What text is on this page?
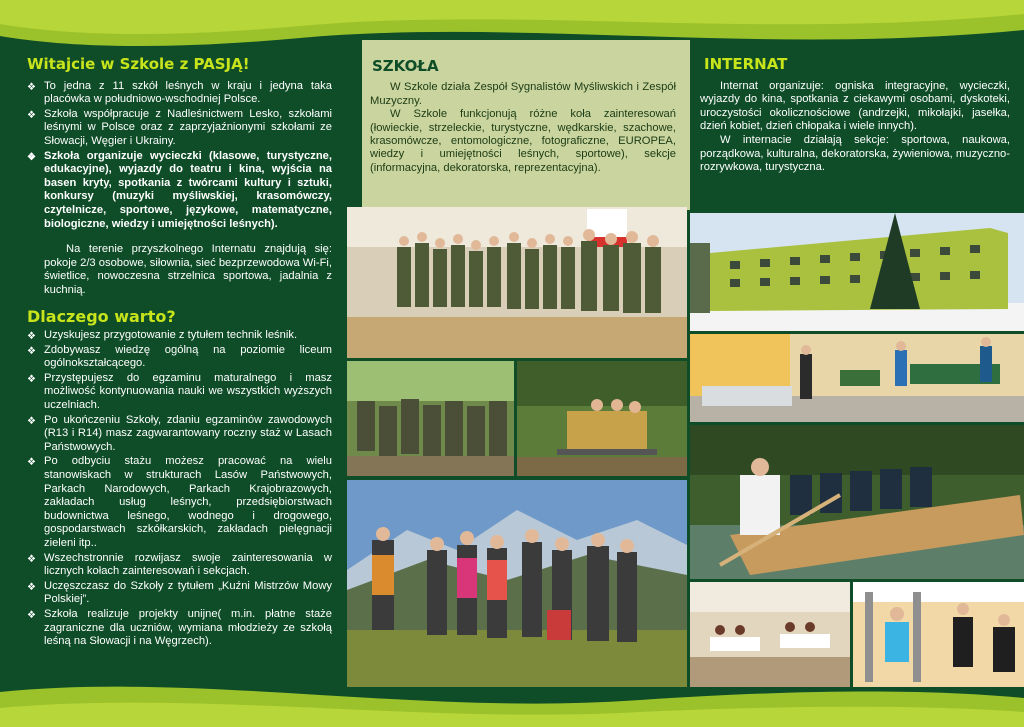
Witajcie w Szkole z PASJĄ!
❖ To jedna z 11 szkół leśnych w kraju i jedyna taka placówka w południowo-wschodniej Polsce.
❖ Szkoła współpracuje z Nadleśnictwem Lesko, szkołami leśnymi w Polsce oraz z zaprzyjaźnionymi szkołami ze Słowacji, Węgier i Ukrainy.
❖ Szkoła organizuje wycieczki (klasowe, turystyczne, edukacyjne), wyjazdy do teatru i kina, wyjścia na basen kryty, spotkania z twórcami kultury i sztuki, konkursy (muzyki myśliwskiej, krasomówczy, czytelnicze, sportowe, językowe, matematyczne, biologiczne, wiedzy i umiejętności leśnych).

Na terenie przyszkolnego Internatu znajdują się: pokoje 2/3 osobowe, siłownia, sieć bezprzewodowa Wi-Fi, świetlice, nowoczesna strzelnica sportowa, jadalnia z kuchnią.

Dlaczego warto?
❖ Uzyskujesz przygotowanie z tytułem technik leśnik.
❖ Zdobywasz wiedzę ogólną na poziomie liceum ogólnokształcącego.
❖ Przystępujesz do egzaminu maturalnego i masz możliwość kontynuowania nauki we wszystkich wyższych uczelniach.
❖ Po ukończeniu Szkoły, zdaniu egzaminów zawodowych (R13 i R14) masz zagwarantowany roczny staż w Lasach Państwowych.
❖ Po odbyciu stażu możesz pracować na wielu stanowiskach w strukturach Lasów Państwowych, Parkach Narodowych, Parkach Krajobrazowych, zakładach usług leśnych, przedsiębiorstwach budownictwa leśnego, wodnego i drogowego, gospodarstwach szkółkarskich, zakładach pielęgnacji zieleni itp..
❖ Wszechstronnie rozwijasz swoje zainteresowania w licznych kołach zainteresowań i sekcjach.
❖ Uczęszczasz do Szkoły z tytułem „Kuźni Mistrzów Mowy Polskiej”.
❖ Szkoła realizuje projekty unijne( m.in. płatne staże zagraniczne dla uczniów, wymiana młodzieży ze szkołą leśną na Słowacji i na Węgrzech).
SZKOŁA

W Szkole działa Zespół Sygnalistów Myśliwskich i Zespół Muzyczny.

W Szkole funkcjonują różne koła zainteresowań (łowieckie, strzeleckie, turystyczne, wędkarskie, szachowe, krasomówcze, entomologiczne, fotograficzne, EUROPEA, wiedzy i umiejętności leśnych, sportowe), sekcje (informacyjna, dekoratorska, reprezentacyjna).

INTERNAT

Internat organizuje: ogniska integracyjne, wycieczki, wyjazdy do kina, spotkania z ciekawymi osobami, dyskoteki, uroczystości okolicznościowe (andrzejki, mikołajki, jasełka, dzień kobiet, dzień chłopaka i wiele innych).

W internacie działają sekcje: sportowa, naukowa, porządkowa, kulturalna, dekoratorska, żywieniowa, muzyczno-rozrywkowa, turystyczna.
